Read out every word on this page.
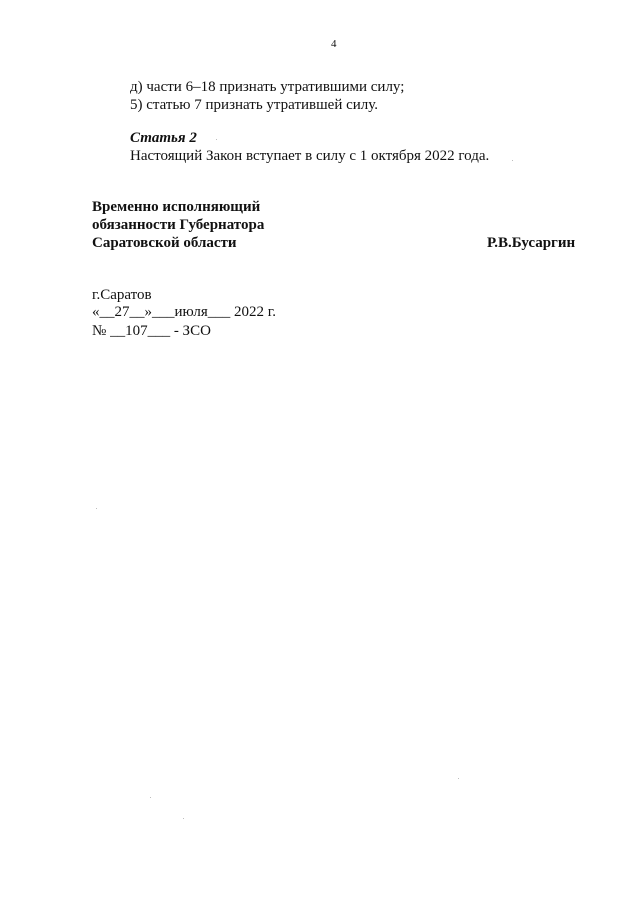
4
д) части 6–18 признать утратившими силу;
5) статью 7 признать утратившей силу.
Статья 2
Настоящий Закон вступает в силу с 1 октября 2022 года.
Временно исполняющий
обязанности Губернатора
Саратовской области	Р.В.Бусаргин
г.Саратов
«__27__»___июля___ 2022 г.
№ __107___ - ЗСО
